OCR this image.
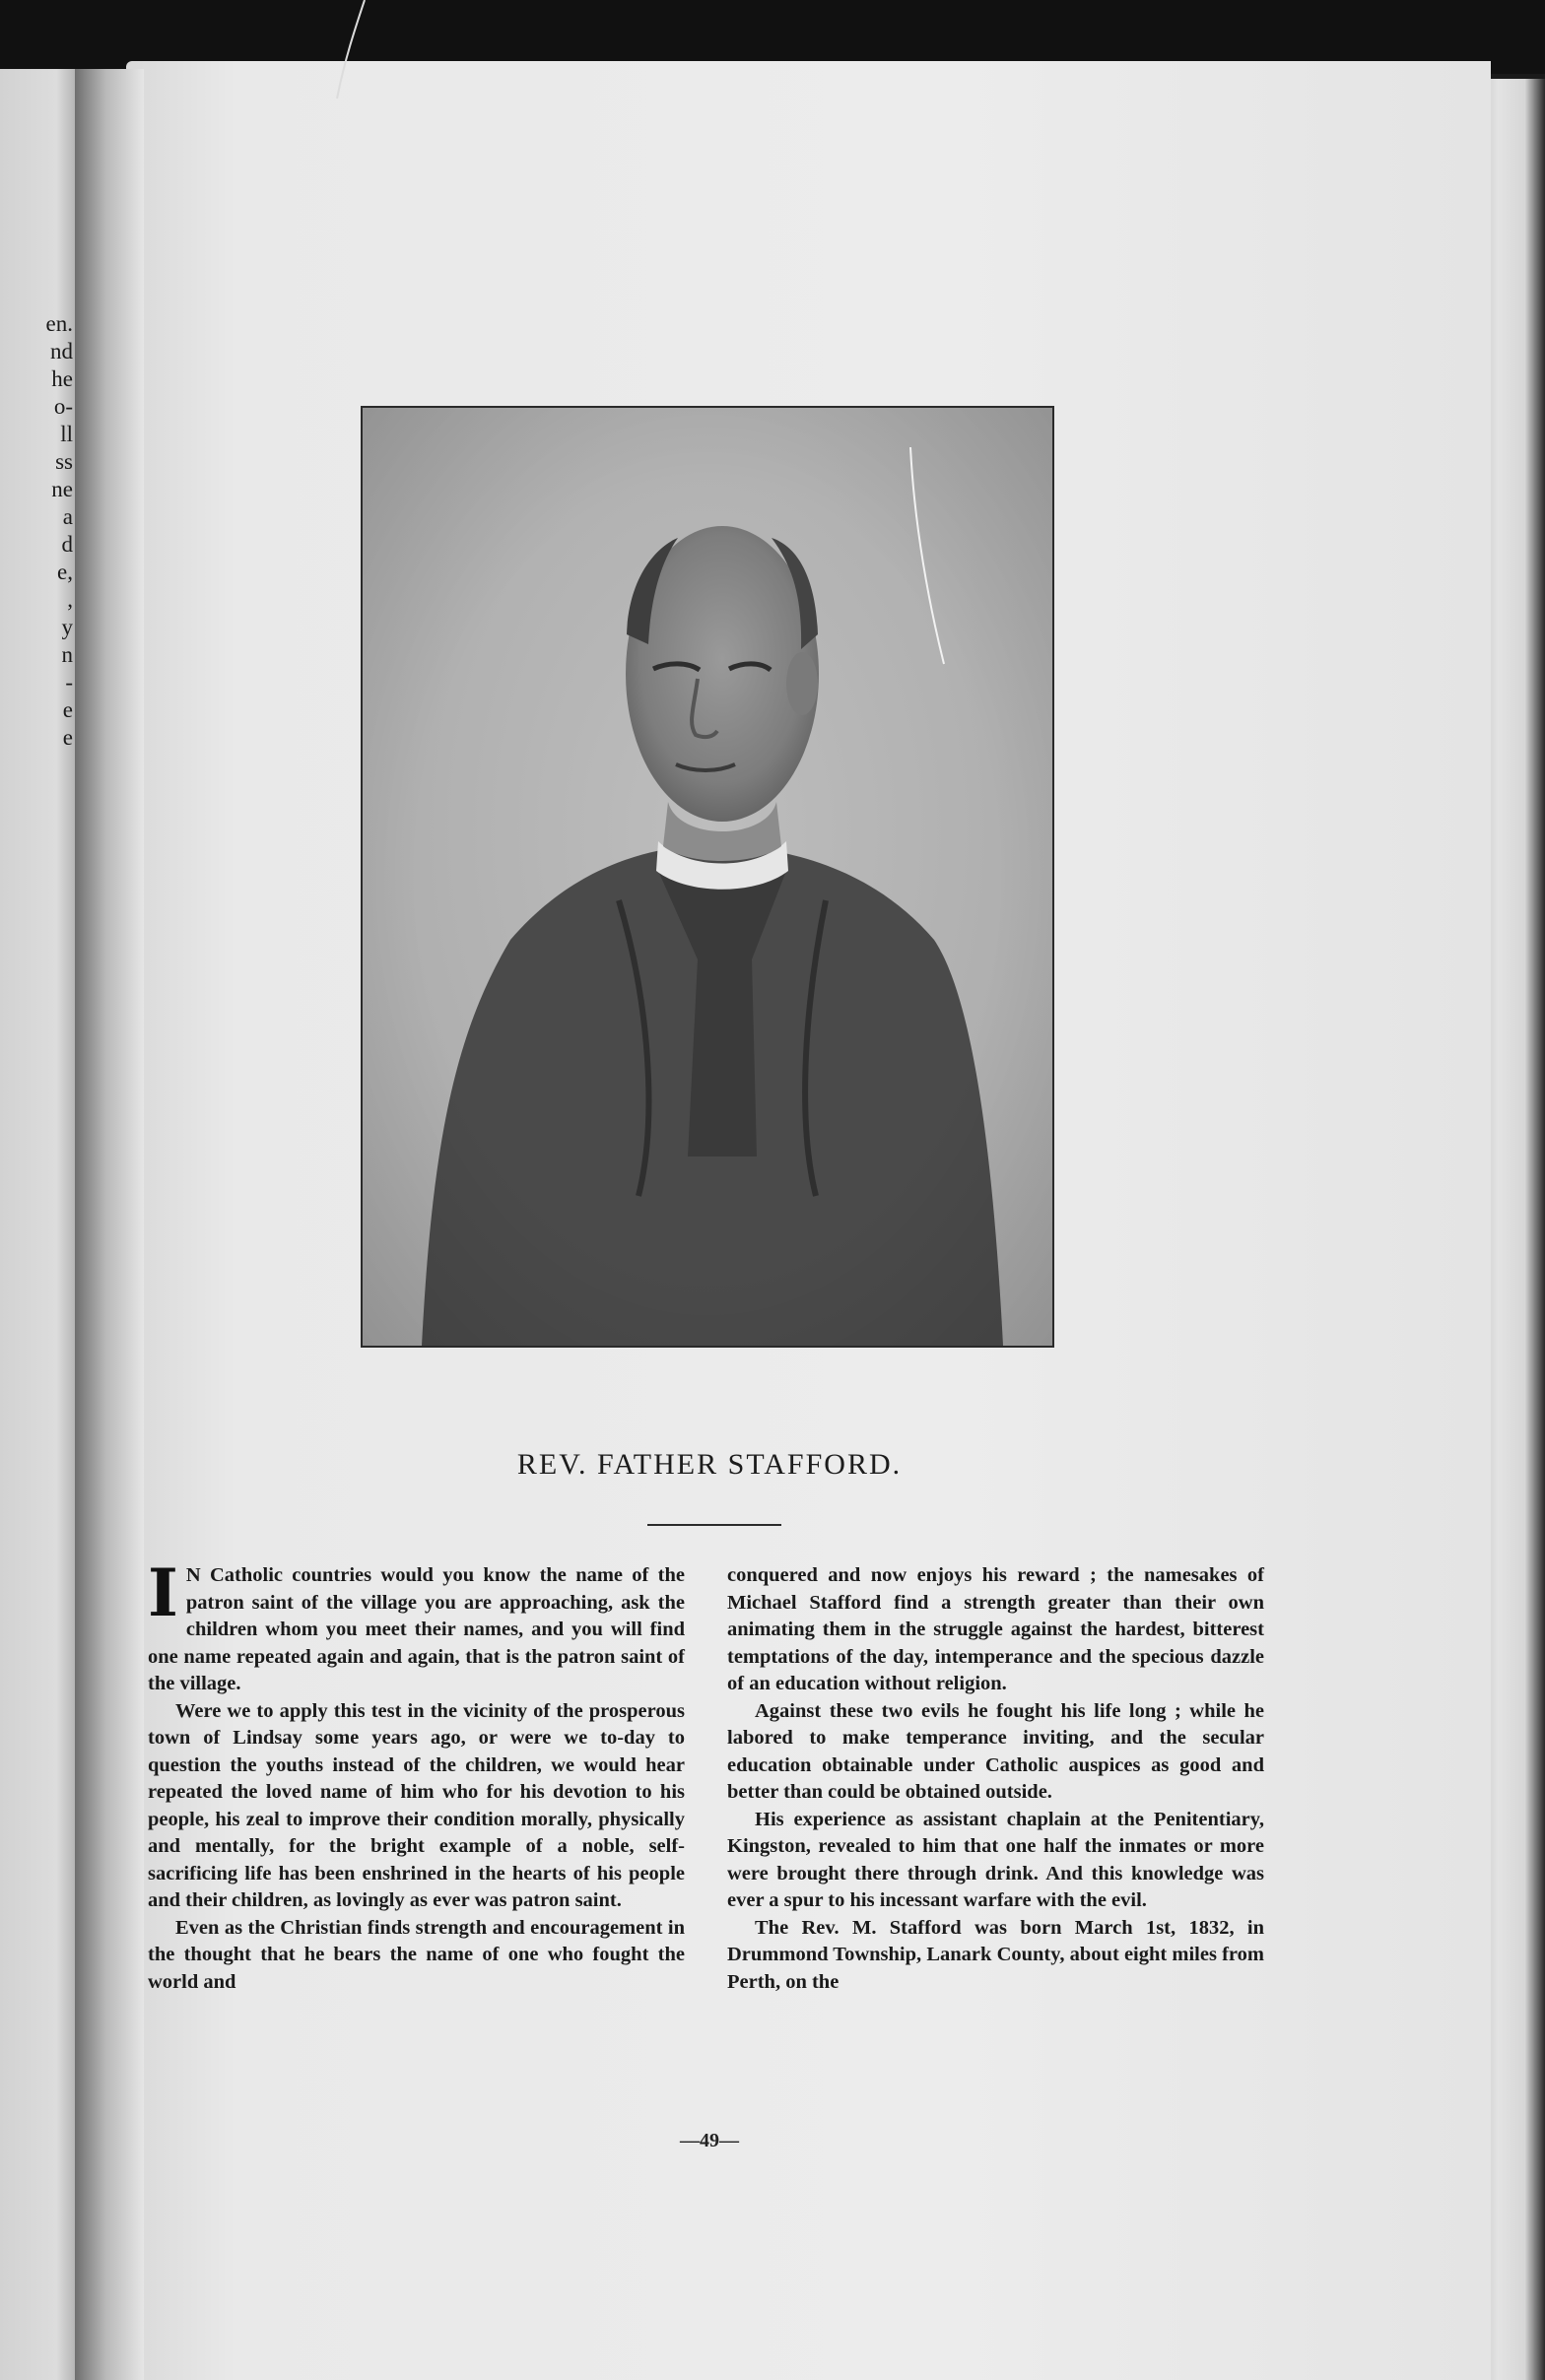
en.
nd
he
o-
ll
ss
ne
a
d
e,
,
y
n
-
e
e
REV. FATHER STAFFORD.

I N Catholic countries would you know the name of the patron saint of the village you are approaching, ask the children whom you meet their names, and you will find one name repeated again and again, that is the patron saint of the village.

Were we to apply this test in the vicinity of the prosperous town of Lindsay some years ago, or were we to-day to question the youths instead of the children, we would hear repeated the loved name of him who for his devotion to his people, his zeal to improve their condition morally, physically and mentally, for the bright example of a noble, self-sacrificing life has been enshrined in the hearts of his people and their children, as lovingly as ever was patron saint.

Even as the Christian finds strength and encouragement in the thought that he bears the name of one who fought the world and

conquered and now enjoys his reward ; the namesakes of Michael Stafford find a strength greater than their own animating them in the struggle against the hardest, bitterest temptations of the day, intemperance and the specious dazzle of an education without religion.

Against these two evils he fought his life long ; while he labored to make temperance inviting, and the secular education obtainable under Catholic auspices as good and better than could be obtained outside.

His experience as assistant chaplain at the Penitentiary, Kingston, revealed to him that one half the inmates or more were brought there through drink. And this knowledge was ever a spur to his incessant warfare with the evil.

The Rev. M. Stafford was born March 1st, 1832, in Drummond Township, Lanark County, about eight miles from Perth, on the

—49—
